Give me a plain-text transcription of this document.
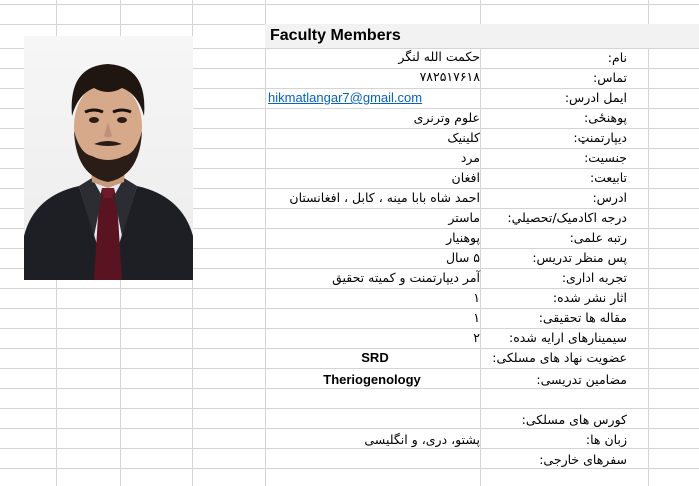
Faculty Members
نام:
تماس:
ایمل ادرس:
پوهنځی:
دیپارتمنټ:
جنسیت:
تابیعت:
ادرس:
درجه اکادمیک/تحصیلي:
رتبه علمی:
پس منظر تدریس:
تجربه اداری:
اثار نشر شده:
مقاله ها تحقیقی:
سیمینارهای ارایه شده:
عضویت نهاد های مسلکی:
مضامین تدریسی:
کورس های مسلکی:
زبان ها:
سفرهای خارجی:
حکمت الله لنگر
۷۸۲۵۱۷۶۱۸
hikmatlangar7@gmail.com
علوم وترنری
کلینیک
مرد
افغان
احمد شاه بابا مینه ، کابل ، افغانستان
ماستر
پوهنیار
۵ سال
آمر دیپارتمنت و کمیته تحقیق
۱
۱
۲
SRD
Theriogenology
پشتو، دری، و انگلیسی
